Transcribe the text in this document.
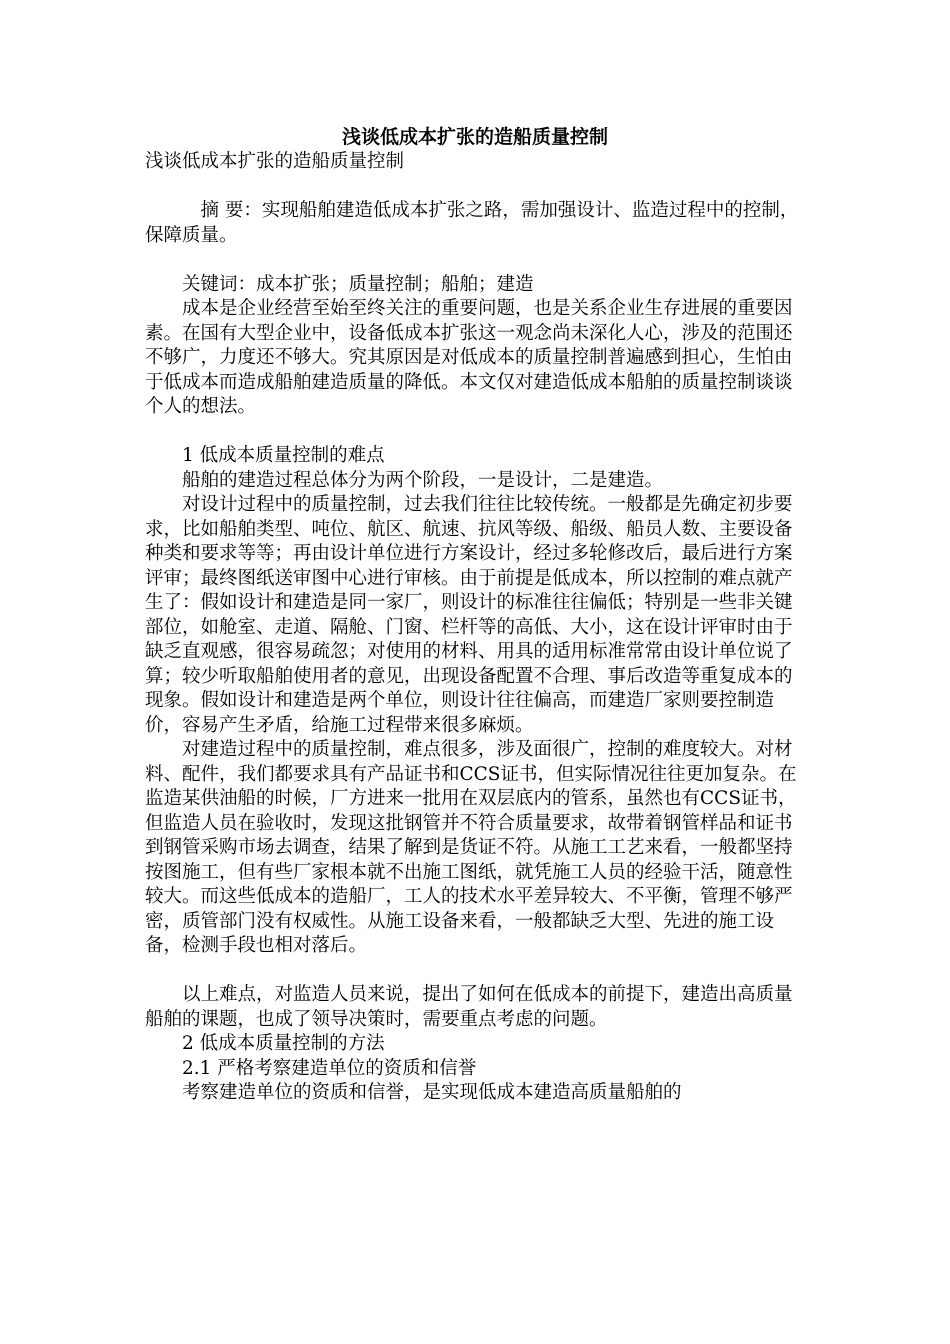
浅谈低成本扩张的造船质量控制

浅谈低成本扩张的造船质量控制

摘 要：实现船舶建造低成本扩张之路，需加强设计、监造过程中的控制，保障质量。

关键词：成本扩张；质量控制；船舶；建造

成本是企业经营至始至终关注的重要问题，也是关系企业生存进展的重要因素。在国有大型企业中，设备低成本扩张这一观念尚未深化人心，涉及的范围还不够广，力度还不够大。究其原因是对低成本的质量控制普遍感到担心，生怕由于低成本而造成船舶建造质量的降低。本文仅对建造低成本船舶的质量控制谈谈个人的想法。

1 低成本质量控制的难点

船舶的建造过程总体分为两个阶段，一是设计，二是建造。

对设计过程中的质量控制，过去我们往往比较传统。一般都是先确定初步要求，比如船舶类型、吨位、航区、航速、抗风等级、船级、船员人数、主要设备种类和要求等等；再由设计单位进行方案设计，经过多轮修改后，最后进行方案评审；最终图纸送审图中心进行审核。由于前提是低成本，所以控制的难点就产生了：假如设计和建造是同一家厂，则设计的标准往往偏低；特别是一些非关键部位，如舱室、走道、隔舱、门窗、栏杆等的高低、大小，这在设计评审时由于缺乏直观感，很容易疏忽；对使用的材料、用具的适用标准常常由设计单位说了算；较少听取船舶使用者的意见，出现设备配置不合理、事后改造等重复成本的现象。假如设计和建造是两个单位，则设计往往偏高，而建造厂家则要控制造价，容易产生矛盾，给施工过程带来很多麻烦。

对建造过程中的质量控制，难点很多，涉及面很广，控制的难度较大。对材料、配件，我们都要求具有产品证书和CCS证书，但实际情况往往更加复杂。在监造某供油船的时候，厂方进来一批用在双层底内的管系，虽然也有CCS证书，但监造人员在验收时，发现这批钢管并不符合质量要求，故带着钢管样品和证书到钢管采购市场去调查，结果了解到是货证不符。从施工工艺来看，一般都坚持按图施工，但有些厂家根本就不出施工图纸，就凭施工人员的经验干活，随意性较大。而这些低成本的造船厂，工人的技术水平差异较大、不平衡，管理不够严密，质管部门没有权威性。从施工设备来看，一般都缺乏大型、先进的施工设备，检测手段也相对落后。

以上难点，对监造人员来说，提出了如何在低成本的前提下，建造出高质量船舶的课题，也成了领导决策时，需要重点考虑的问题。

2 低成本质量控制的方法

2.1 严格考察建造单位的资质和信誉

考察建造单位的资质和信誉，是实现低成本建造高质量船舶的
